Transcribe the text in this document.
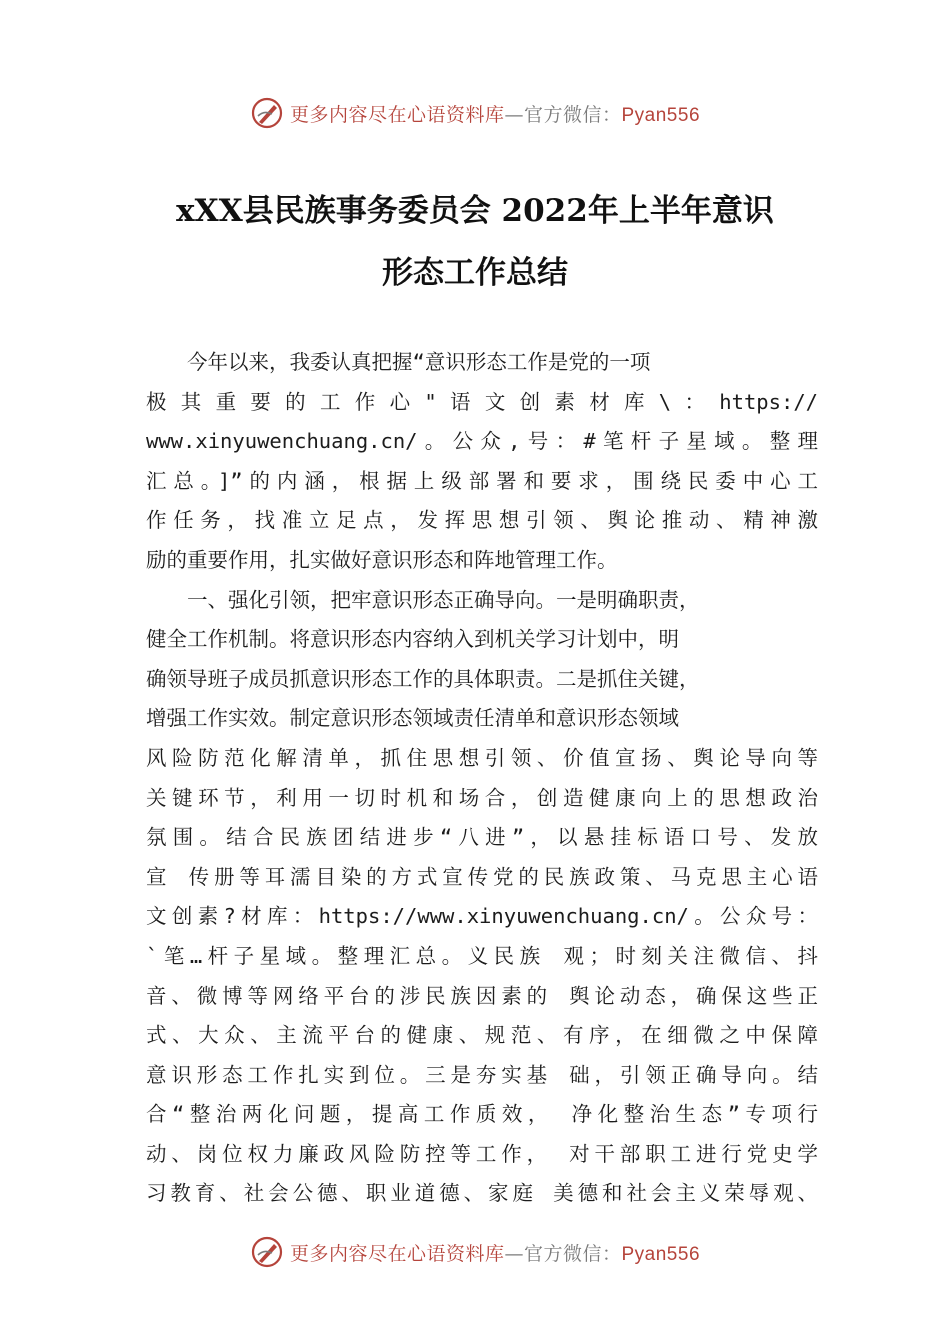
更多内容尽在心语资料库—官方微信：Pyan556
xXX县民族事务委员会 2022年上半年意识
形态工作总结
　　今年以来，我委认真把握“意识形态工作是党的一项
极 其 重 要 的 工 作 心 " 语 文 创 素 材 库 \ ： https://
www.xinyuwenchuang.cn/。公众,号：#笔杆子星域。整理
汇总。]”的内涵，根据上级部署和要求，围绕民委中心工
作任务，找准立足点，发挥思想引领、舆论推动、精神激
励的重要作用，扎实做好意识形态和阵地管理工作。
　　一、强化引领，把牢意识形态正确导向。一是明确职责，
健全工作机制。将意识形态内容纳入到机关学习计划中，明
确领导班子成员抓意识形态工作的具体职责。二是抓住关键，
增强工作实效。制定意识形态领域责任清单和意识形态领域
风险防范化解清单，抓住思想引领、价值宣扬、舆论导向等
关键环节，利用一切时机和场合，创造健康向上的思想政治
氛围。结合民族团结进步“八进”，以悬挂标语口号、发放
宣 传册等耳濡目染的方式宣传党的民族政策、马克思主心语
文创素?材库：https://www.xinyuwenchuang.cn/。公众号：
`笔…杆子星域。整理汇总。义民族 观；时刻关注微信、抖
音、微博等网络平台的涉民族因素的 舆论动态，确保这些正
式、大众、主流平台的健康、规范、有序，在细微之中保障
意识形态工作扎实到位。三是夯实基 础，引领正确导向。结
合“整治两化问题，提高工作质效， 净化整治生态”专项行
动、岗位权力廉政风险防控等工作， 对干部职工进行党史学
习教育、社会公德、职业道德、家庭 美德和社会主义荣辱观、
更多内容尽在心语资料库—官方微信：Pyan556
